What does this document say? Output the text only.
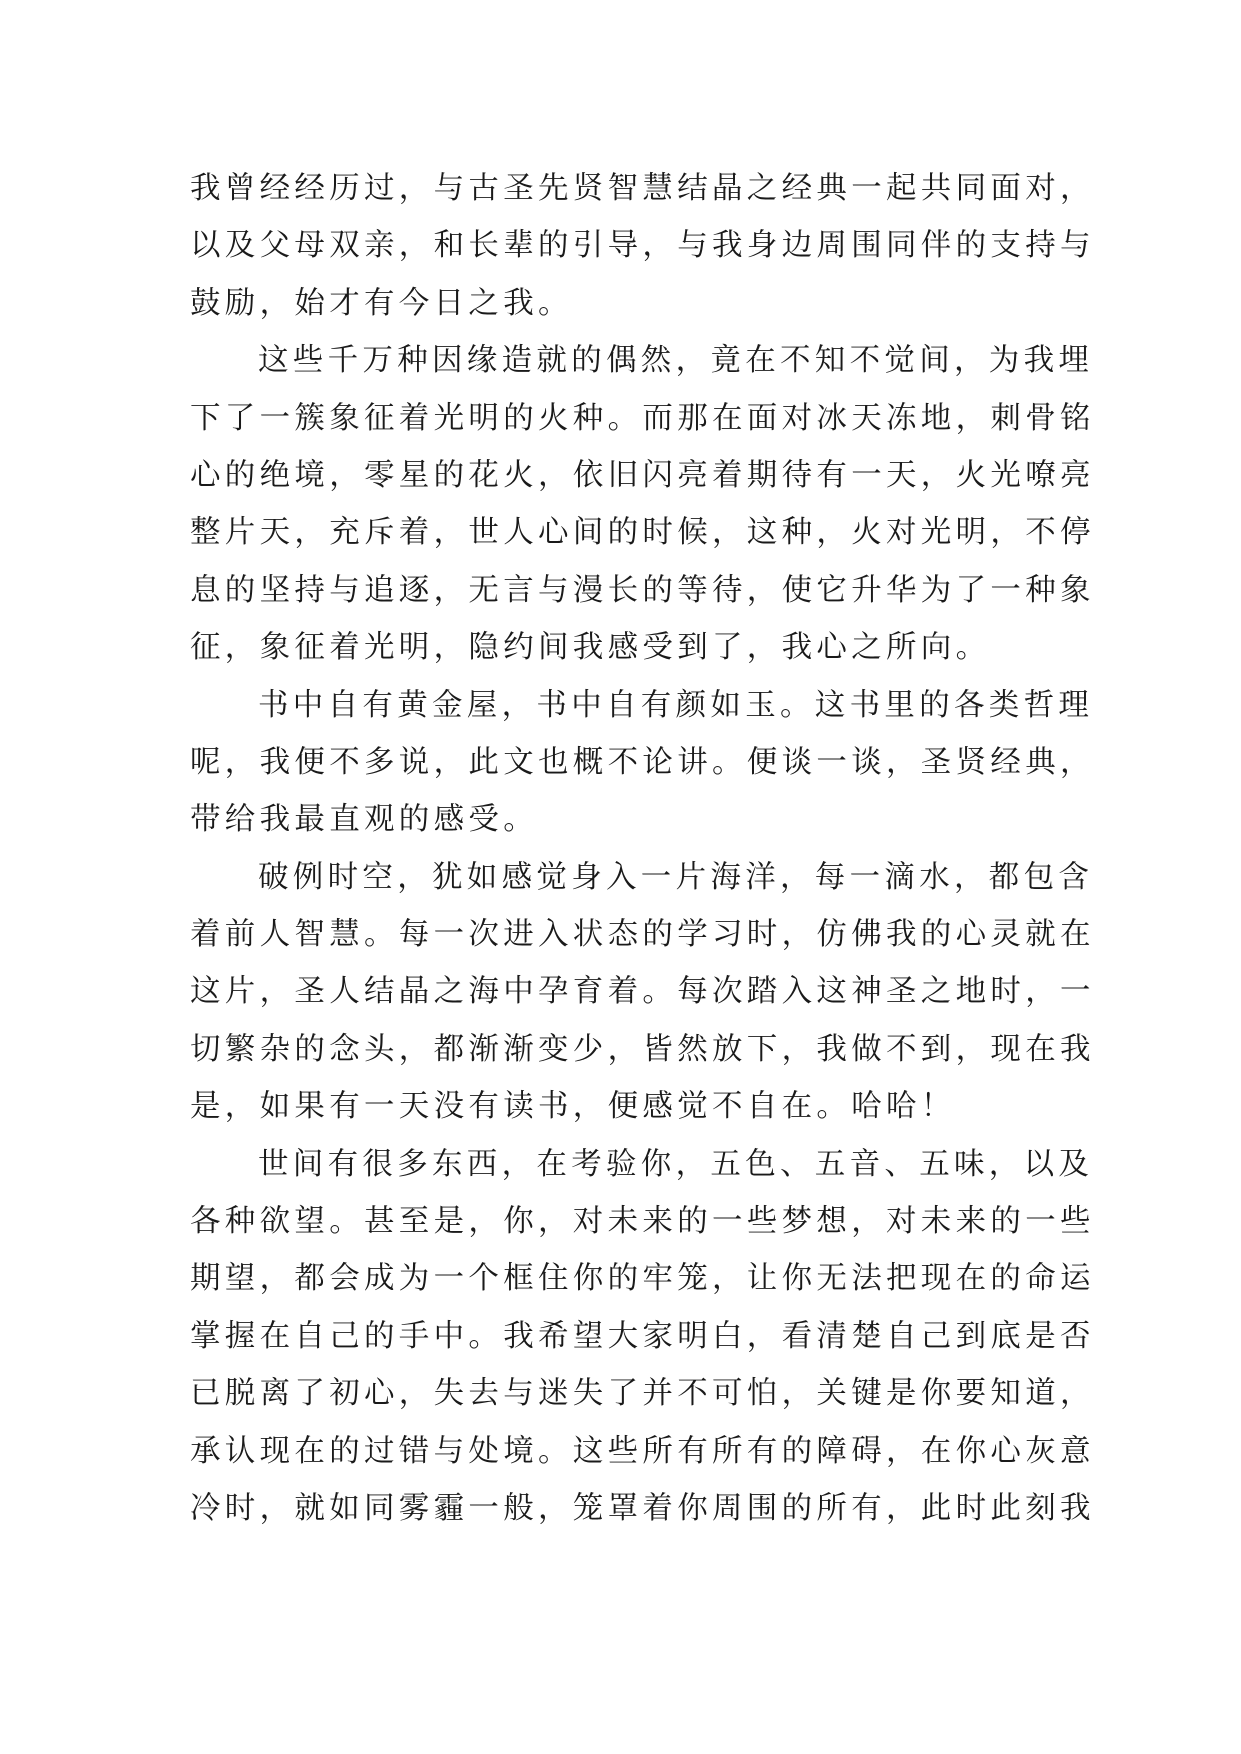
我曾经经历过，与古圣先贤智慧结晶之经典一起共同面对，
以及父母双亲，和长辈的引导，与我身边周围同伴的支持与
鼓励，始才有今日之我。
这些千万种因缘造就的偶然，竟在不知不觉间，为我埋
下了一簇象征着光明的火种。而那在面对冰天冻地，刺骨铭
心的绝境，零星的花火，依旧闪亮着期待有一天，火光嘹亮
整片天，充斥着，世人心间的时候，这种，火对光明，不停
息的坚持与追逐，无言与漫长的等待，使它升华为了一种象
征，象征着光明，隐约间我感受到了，我心之所向。
书中自有黄金屋，书中自有颜如玉。这书里的各类哲理
呢，我便不多说，此文也概不论讲。便谈一谈，圣贤经典，
带给我最直观的感受。
破例时空，犹如感觉身入一片海洋，每一滴水，都包含
着前人智慧。每一次进入状态的学习时，仿佛我的心灵就在
这片，圣人结晶之海中孕育着。每次踏入这神圣之地时，一
切繁杂的念头，都渐渐变少，皆然放下，我做不到，现在我
是，如果有一天没有读书，便感觉不自在。哈哈！
世间有很多东西，在考验你，五色、五音、五味，以及
各种欲望。甚至是，你，对未来的一些梦想，对未来的一些
期望，都会成为一个框住你的牢笼，让你无法把现在的命运
掌握在自己的手中。我希望大家明白，看清楚自己到底是否
已脱离了初心，失去与迷失了并不可怕，关键是你要知道，
承认现在的过错与处境。这些所有所有的障碍，在你心灰意
冷时，就如同雾霾一般，笼罩着你周围的所有，此时此刻我
